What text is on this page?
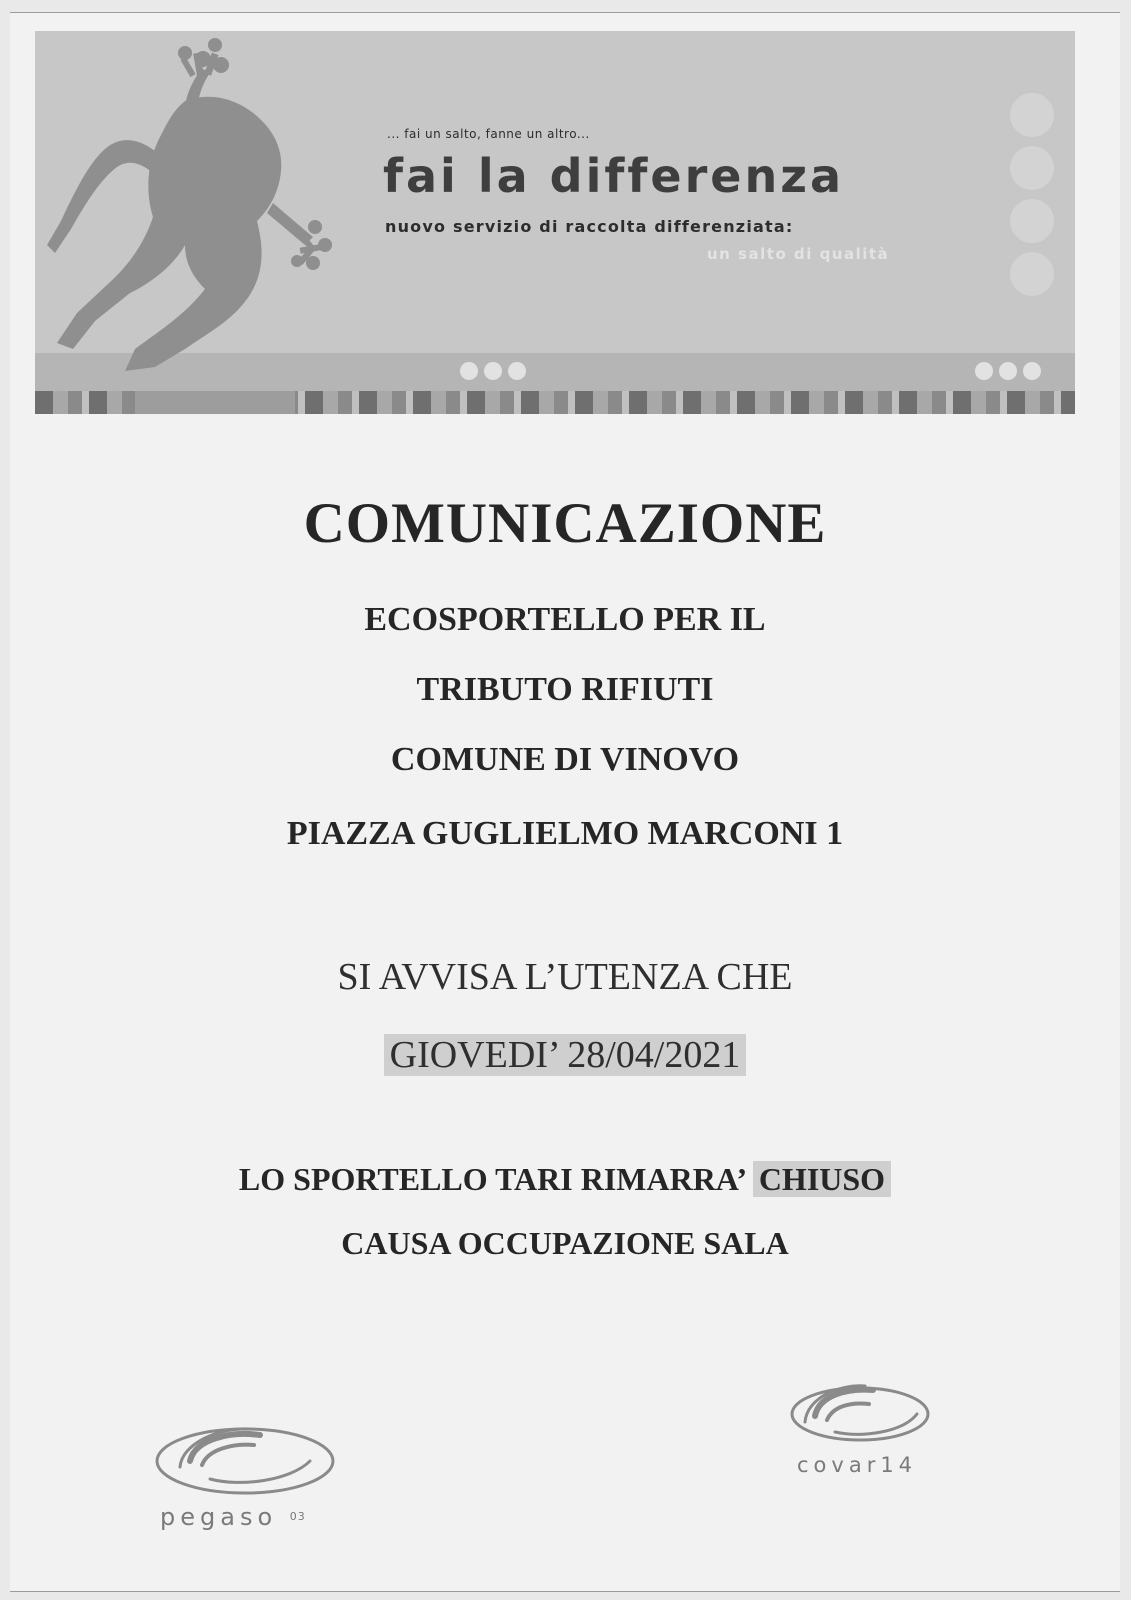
... fai un salto, fanne un altro...
fai la differenza
nuovo servizio di raccolta differenziata:
un salto di qualità
COMUNICAZIONE
ECOSPORTELLO PER IL
TRIBUTO RIFIUTI
COMUNE DI VINOVO
PIAZZA GUGLIELMO MARCONI 1
SI AVVISA L’UTENZA CHE
GIOVEDI’ 28/04/2021
LO SPORTELLO TARI RIMARRA’ CHIUSO
CAUSA OCCUPAZIONE SALA
pegaso $^{03}$
covar14
